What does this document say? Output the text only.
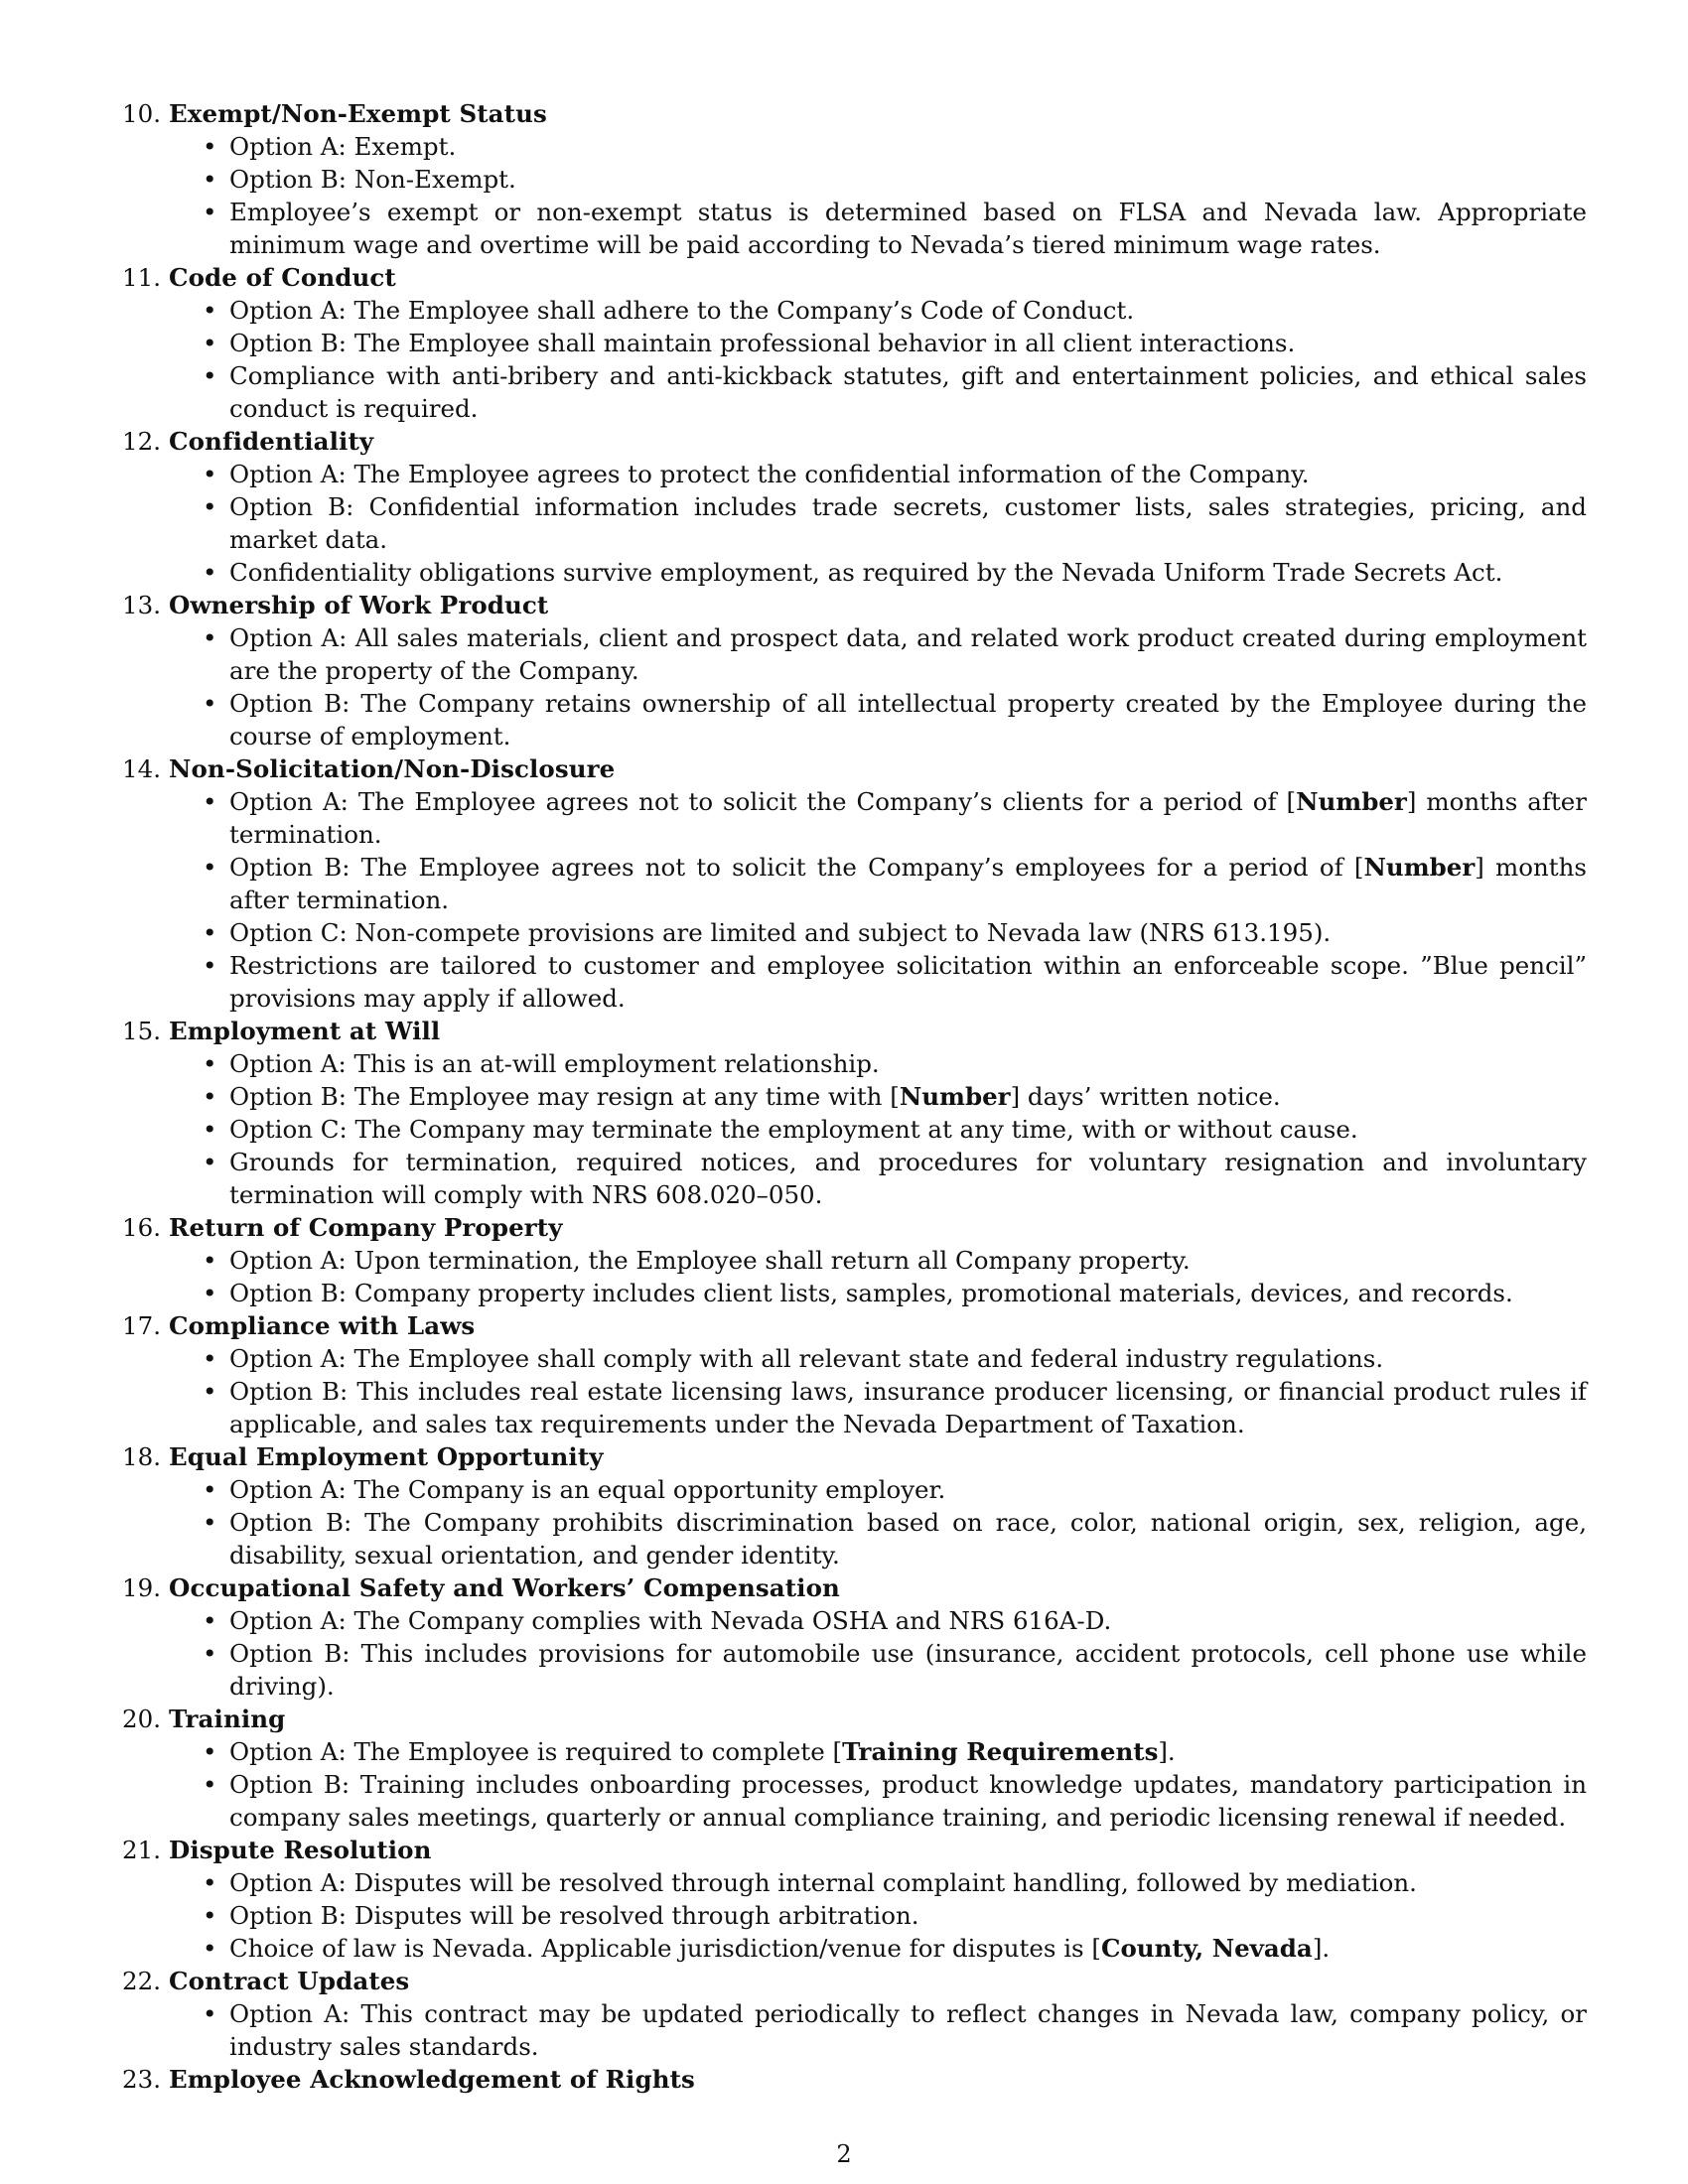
10. Exempt/Non-Exempt Status
• Option A: Exempt.
• Option B: Non-Exempt.
• Employee’s exempt or non-exempt status is determined based on FLSA and Nevada law. Appropriate minimum wage and overtime will be paid according to Nevada’s tiered minimum wage rates.
11. Code of Conduct
• Option A: The Employee shall adhere to the Company’s Code of Conduct.
• Option B: The Employee shall maintain professional behavior in all client interactions.
• Compliance with anti-bribery and anti-kickback statutes, gift and entertainment policies, and ethical sales conduct is required.
12. Confidentiality
• Option A: The Employee agrees to protect the confidential information of the Company.
• Option B: Confidential information includes trade secrets, customer lists, sales strategies, pricing, and market data.
• Confidentiality obligations survive employment, as required by the Nevada Uniform Trade Secrets Act.
13. Ownership of Work Product
• Option A: All sales materials, client and prospect data, and related work product created during employment are the property of the Company.
• Option B: The Company retains ownership of all intellectual property created by the Employee during the course of employment.
14. Non-Solicitation/Non-Disclosure
• Option A: The Employee agrees not to solicit the Company’s clients for a period of [Number] months after termination.
• Option B: The Employee agrees not to solicit the Company’s employees for a period of [Number] months after termination.
• Option C: Non-compete provisions are limited and subject to Nevada law (NRS 613.195).
• Restrictions are tailored to customer and employee solicitation within an enforceable scope. ”Blue pencil” provisions may apply if allowed.
15. Employment at Will
• Option A: This is an at-will employment relationship.
• Option B: The Employee may resign at any time with [Number] days’ written notice.
• Option C: The Company may terminate the employment at any time, with or without cause.
• Grounds for termination, required notices, and procedures for voluntary resignation and involuntary termination will comply with NRS 608.020–050.
16. Return of Company Property
• Option A: Upon termination, the Employee shall return all Company property.
• Option B: Company property includes client lists, samples, promotional materials, devices, and records.
17. Compliance with Laws
• Option A: The Employee shall comply with all relevant state and federal industry regulations.
• Option B: This includes real estate licensing laws, insurance producer licensing, or financial product rules if applicable, and sales tax requirements under the Nevada Department of Taxation.
18. Equal Employment Opportunity
• Option A: The Company is an equal opportunity employer.
• Option B: The Company prohibits discrimination based on race, color, national origin, sex, religion, age, disability, sexual orientation, and gender identity.
19. Occupational Safety and Workers’ Compensation
• Option A: The Company complies with Nevada OSHA and NRS 616A-D.
• Option B: This includes provisions for automobile use (insurance, accident protocols, cell phone use while driving).
20. Training
• Option A: The Employee is required to complete [Training Requirements].
• Option B: Training includes onboarding processes, product knowledge updates, mandatory participation in company sales meetings, quarterly or annual compliance training, and periodic licensing renewal if needed.
21. Dispute Resolution
• Option A: Disputes will be resolved through internal complaint handling, followed by mediation.
• Option B: Disputes will be resolved through arbitration.
• Choice of law is Nevada. Applicable jurisdiction/venue for disputes is [County, Nevada].
22. Contract Updates
• Option A: This contract may be updated periodically to reflect changes in Nevada law, company policy, or industry sales standards.
23. Employee Acknowledgement of Rights
2
